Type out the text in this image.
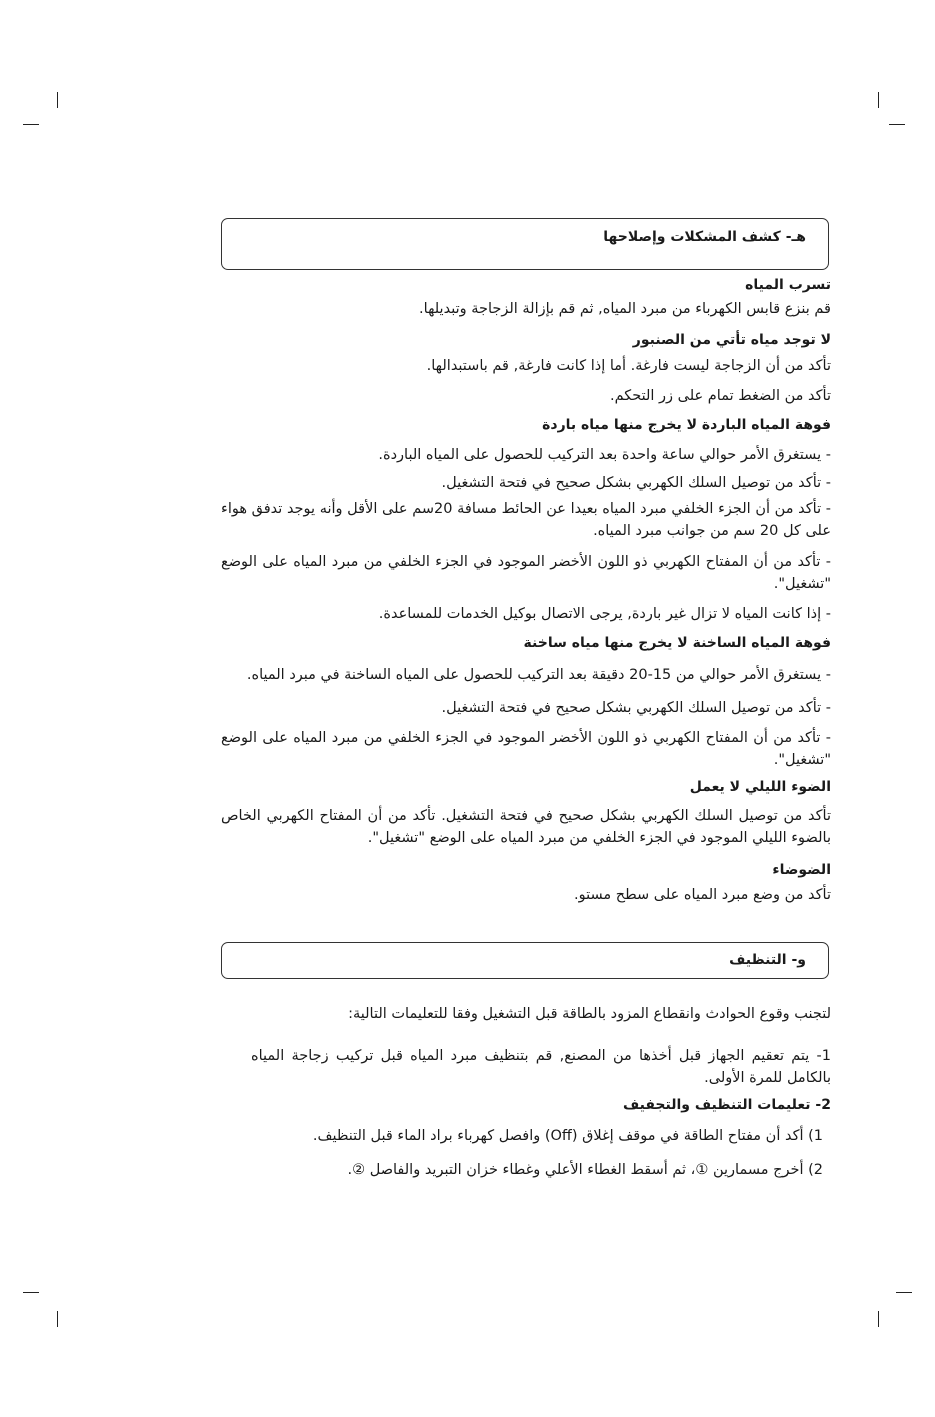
هـ- كشف المشكلات وإصلاحها
تسرب المياه
قم بنزع قابس الكهرباء من مبرد المياه, ثم قم بإزالة الزجاجة وتبديلها.
لا توجد مياه تأتي من الصنبور
تأكد من أن الزجاجة ليست فارغة. أما إذا كانت فارغة, قم باستبدالها.
تأكد من الضغط تمام على زر التحكم.
فوهة المياه الباردة لا يخرج منها مياه باردة
- يستغرق الأمر حوالي ساعة واحدة بعد التركيب للحصول على المياه الباردة.
- تأكد من توصيل السلك الكهربي بشكل صحيح في فتحة التشغيل.
- تأكد من أن الجزء الخلفي مبرد المياه بعيدا عن الحائط مسافة 20سم على الأقل وأنه يوجد تدفق هواء على كل 20 سم من جوانب مبرد المياه.
- تأكد من أن المفتاح الكهربي ذو اللون الأخضر الموجود في الجزء الخلفي من مبرد المياه على الوضع "تشغيل".
- إذا كانت المياه لا تزال غير باردة, يرجى الاتصال بوكيل الخدمات للمساعدة.
فوهة المياه الساخنة لا يخرج منها مياه ساخنة
- يستغرق الأمر حوالي من 15-20 دقيقة بعد التركيب للحصول على المياه الساخنة في مبرد المياه.
- تأكد من توصيل السلك الكهربي بشكل صحيح في فتحة التشغيل.
- تأكد من أن المفتاح الكهربي ذو اللون الأخضر الموجود في الجزء الخلفي من مبرد المياه على الوضع "تشغيل".
الضوء الليلي لا يعمل
تأكد من توصيل السلك الكهربي بشكل صحيح في فتحة التشغيل. تأكد من أن المفتاح الكهربي الخاص بالضوء الليلي الموجود في الجزء الخلفي من مبرد المياه على الوضع "تشغيل".
الضوضاء
تأكد من وضع مبرد المياه على سطح مستو.
و- التنظيف
لتجنب وقوع الحوادث وانقطاع المزود بالطاقة قبل التشغيل وفقا للتعليمات التالية:
1- يتم تعقيم الجهاز قبل أخذها من المصنع, قم بتنظيف مبرد المياه قبل تركيب زجاجة المياه بالكامل للمرة الأولى.
2- تعليمات التنظيف والتجفيف
1) أكد أن مفتاح الطاقة في موقف إغلاق (Off) وافصل كهرباء براد الماء قبل التنظيف.
2) أخرج مسمارين ①، ثم أسقط الغطاء الأعلي وغطاء خزان التبريد والفاصل ②.
